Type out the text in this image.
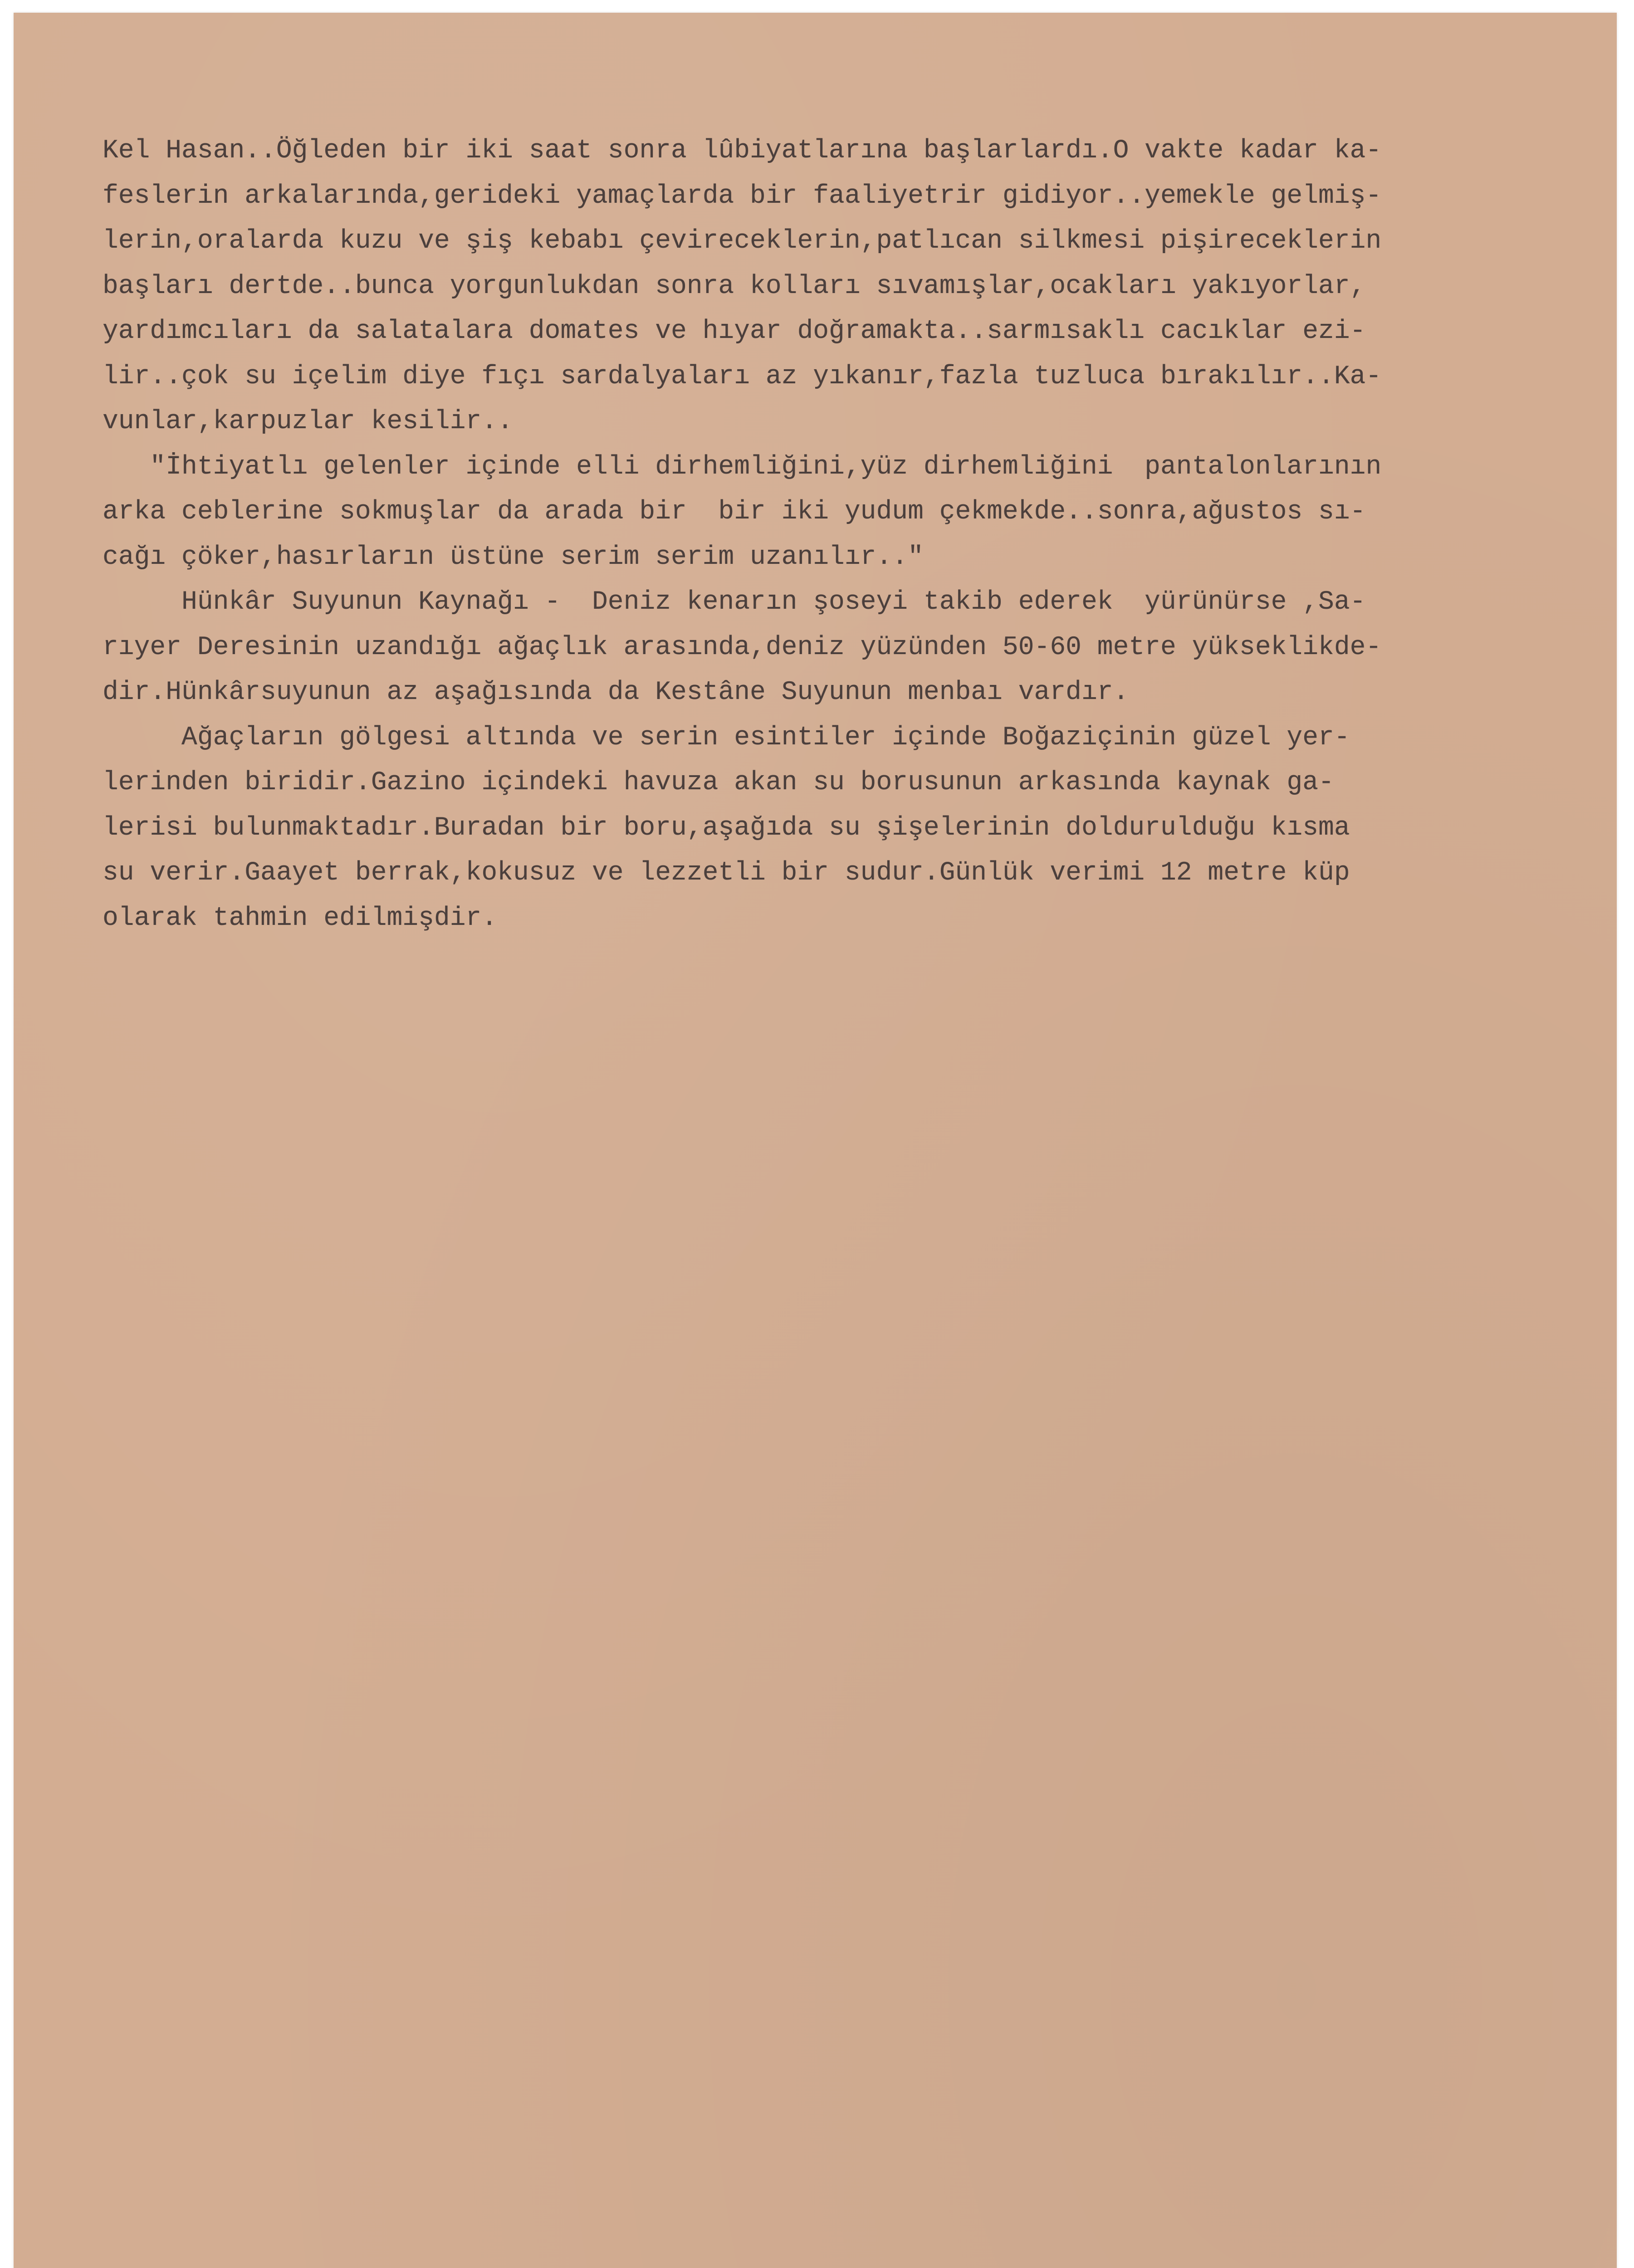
Kel Hasan..Öğleden bir iki saat sonra lûbiyatlarına başlarlardı.O vakte kadar ka-
feslerin arkalarında,gerideki yamaçlarda bir faaliyetrir gidiyor..yemekle gelmiş-
lerin,oralarda kuzu ve şiş kebabı çevireceklerin,patlıcan silkmesi pişireceklerin
başları dertde..bunca yorgunlukdan sonra kolları sıvamışlar,ocakları yakıyorlar,
yardımcıları da salatalara domates ve hıyar doğramakta..sarmısaklı cacıklar ezi-
lir..çok su içelim diye fıçı sardalyaları az yıkanır,fazla tuzluca bırakılır..Ka-
vunlar,karpuzlar kesilir..
"İhtiyatlı gelenler içinde elli dirhemliğini,yüz dirhemliğini  pantalonlarının
arka ceblerine sokmuşlar da arada bir  bir iki yudum çekmekde..sonra,ağustos sı-
cağı çöker,hasırların üstüne serim serim uzanılır.."
Hünkâr Suyunun Kaynağı -  Deniz kenarın şoseyi takib ederek  yürünürse ,Sa-
rıyer Deresinin uzandığı ağaçlık arasında,deniz yüzünden 50-60 metre yükseklikde-
dir.Hünkârsuyunun az aşağısında da Kestâne Suyunun menbaı vardır.
Ağaçların gölgesi altında ve serin esintiler içinde Boğaziçinin güzel yer-
lerinden biridir.Gazino içindeki havuza akan su borusunun arkasında kaynak ga-
lerisi bulunmaktadır.Buradan bir boru,aşağıda su şişelerinin doldurulduğu kısma
su verir.Gaayet berrak,kokusuz ve lezzetli bir sudur.Günlük verimi 12 metre küp
olarak tahmin edilmişdir.
